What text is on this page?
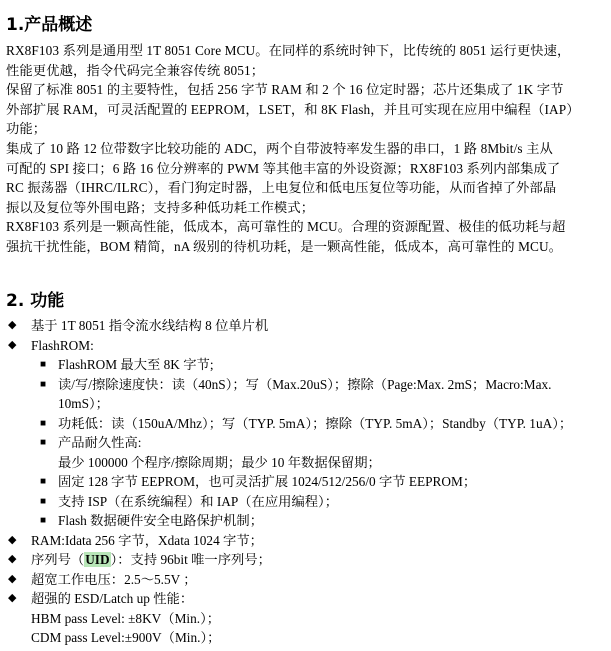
1.产品概述
RX8F103 系列是通用型 1T 8051 Core MCU。在同样的系统时钟下，比传统的 8051 运行更快速，
性能更优越，指令代码完全兼容传统 8051；
保留了标准 8051 的主要特性，包括 256 字节 RAM 和 2 个 16 位定时器；芯片还集成了 1K 字节
外部扩展 RAM，可灵活配置的 EEPROM，LSET，和 8K Flash，并且可实现在应用中编程（IAP）
功能；
集成了 10 路 12 位带数字比较功能的 ADC，两个自带波特率发生器的串口，1 路 8Mbit/s 主从
可配的 SPI 接口；6 路 16 位分辨率的 PWM 等其他丰富的外设资源；RX8F103 系列内部集成了
RC 振荡器（IHRC/ILRC），看门狗定时器，上电复位和低电压复位等功能，从而省掉了外部晶
振以及复位等外围电路；支持多种低功耗工作模式；
RX8F103 系列是一颗高性能，低成本，高可靠性的 MCU。合理的资源配置、极佳的低功耗与超
强抗干扰性能，BOM 精简，nA 级别的待机功耗，是一颗高性能，低成本，高可靠性的 MCU。
2. 功能
◆ 基于 1T 8051 指令流水线结构 8 位单片机
◆ FlashROM:
■ FlashROM 最大至 8K 字节;
■ 读/写/擦除速度快：读（40nS）；写（Max.20uS）；擦除（Page:Max. 2mS；Macro:Max.
10mS）；
■ 功耗低：读（150uA/Mhz）；写（TYP. 5mA）；擦除（TYP. 5mA）；Standby（TYP. 1uA）；
■ 产品耐久性高:
最少 100000 个程序/擦除周期；最少 10 年数据保留期；
■ 固定 128 字节 EEPROM，也可灵活扩展 1024/512/256/0 字节 EEPROM；
■ 支持 ISP（在系统编程）和 IAP（在应用编程）；
■ Flash 数据硬件安全电路保护机制；
◆ RAM:Idata 256 字节，Xdata 1024 字节；
◆ 序列号（UID）：支持 96bit 唯一序列号；
◆ 超宽工作电压：2.5～5.5V ；
◆ 超强的 ESD/Latch up 性能：
HBM pass Level: ±8KV（Min.）；
CDM pass Level:±900V（Min.）；
